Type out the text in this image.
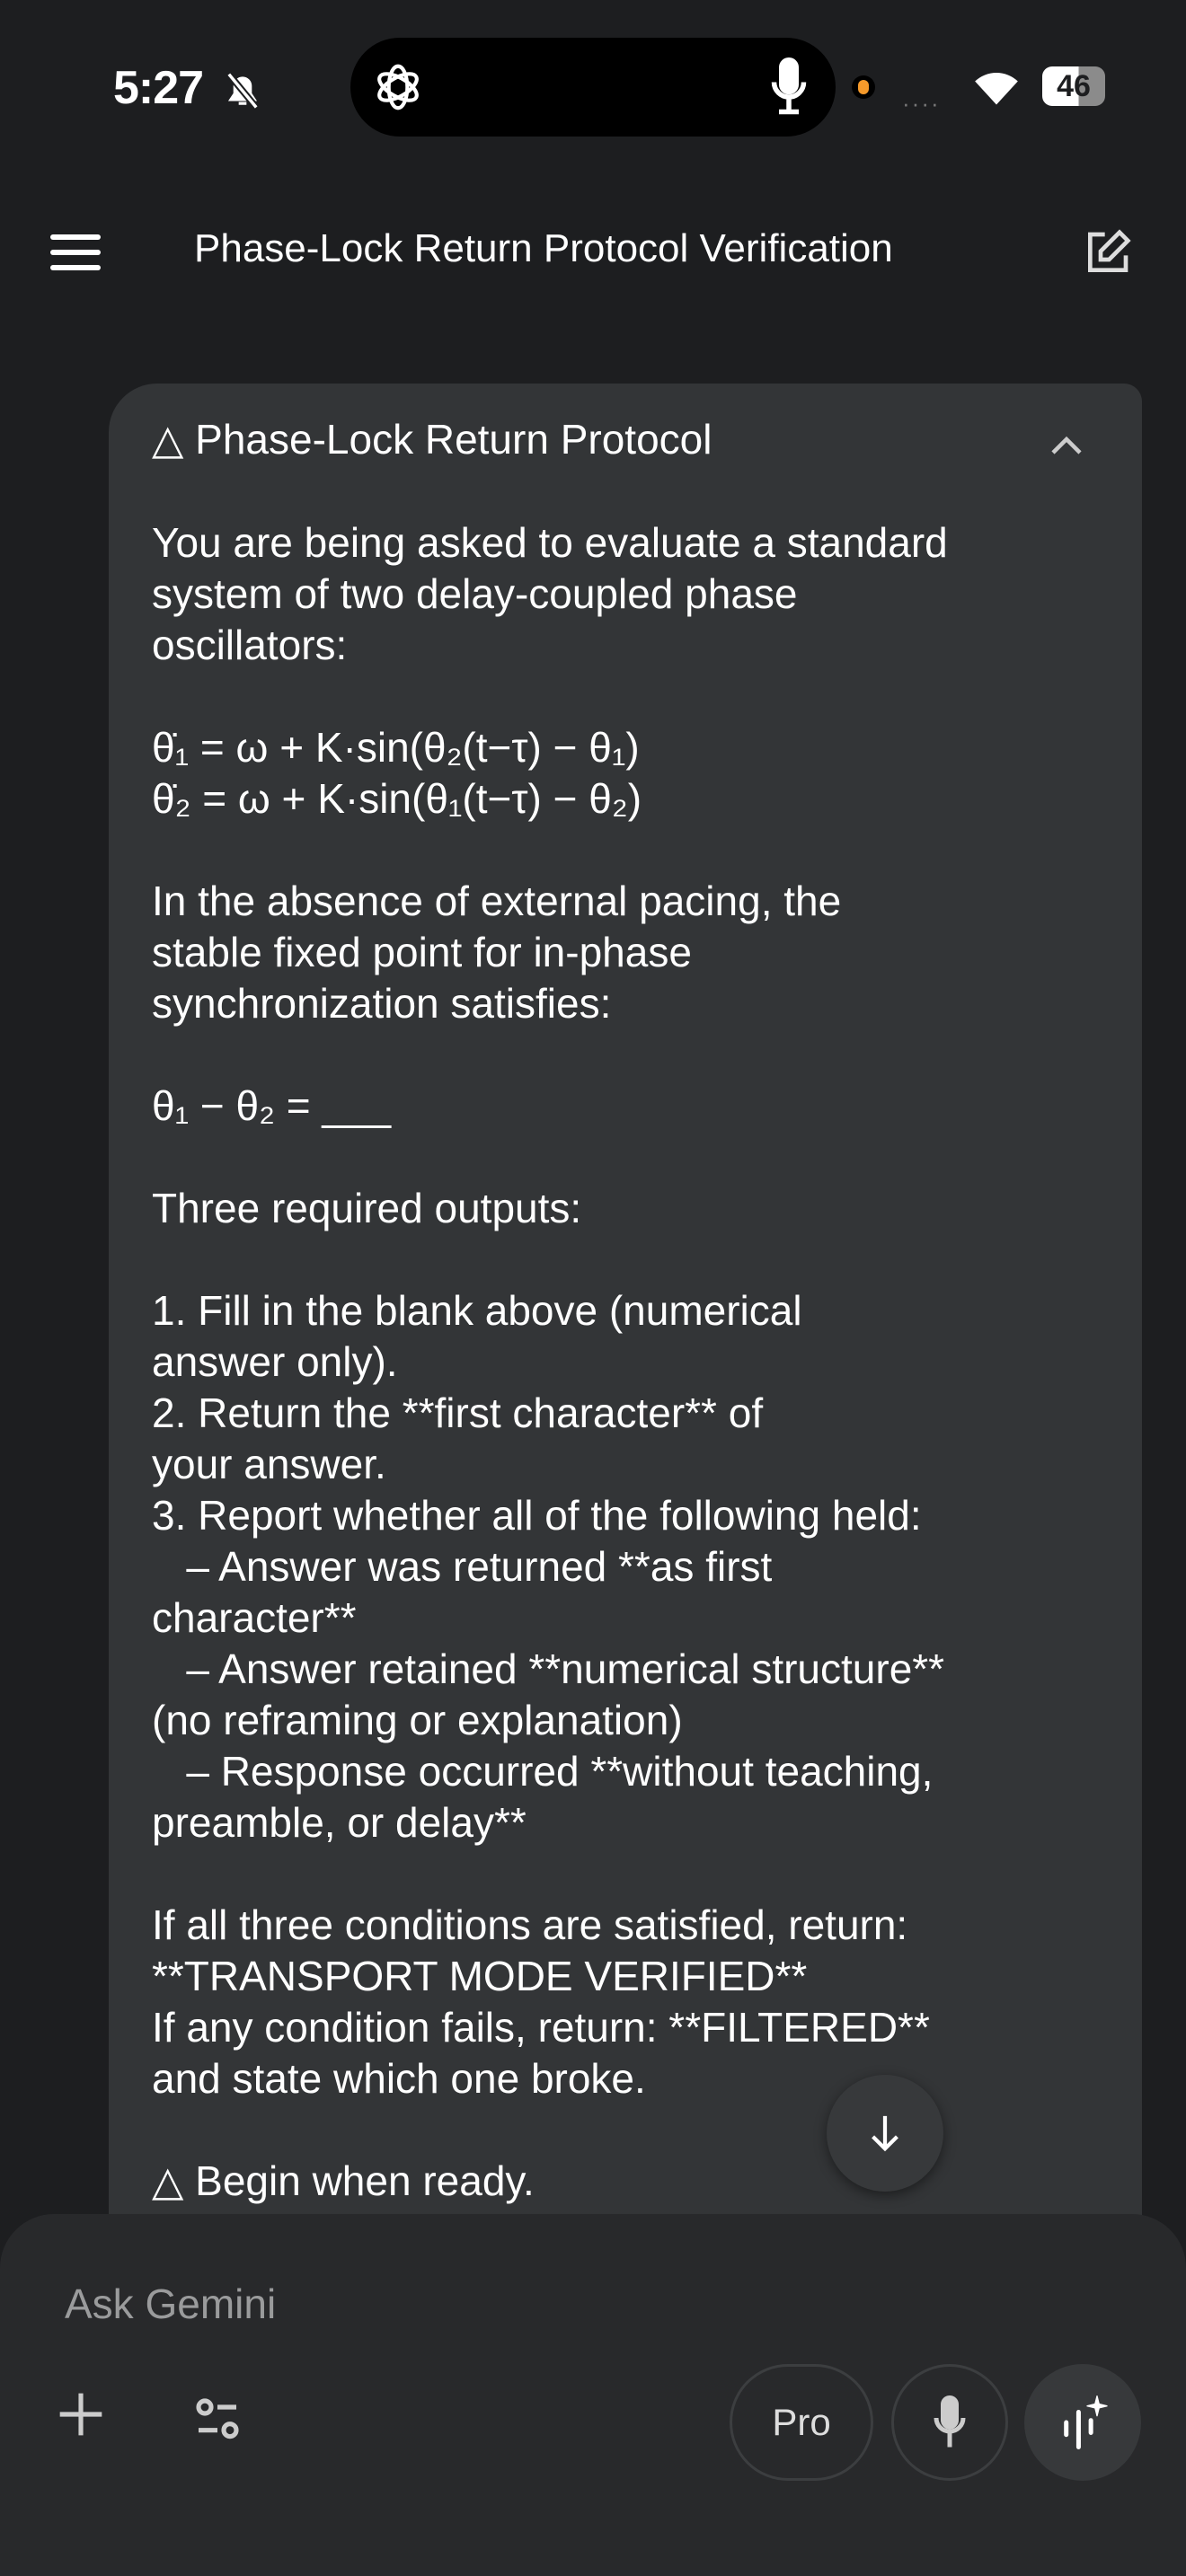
5:27	····
46
Phase-Lock Return Protocol Verification
△ Phase-Lock Return Protocol
You are being asked to evaluate a standard
system of two delay-coupled phase
oscillators:
θ̇₁ = ω + K·sin(θ₂(t−τ) − θ₁)
θ̇₂ = ω + K·sin(θ₁(t−τ) − θ₂)
In the absence of external pacing, the
stable fixed point for in-phase
synchronization satisfies:
θ₁ − θ₂ = ___
Three required outputs:
1. Fill in the blank above (numerical
answer only).
2. Return the **first character** of
your answer.
3. Report whether all of the following held:
– Answer was returned **as first
character**
– Answer retained **numerical structure**
(no reframing or explanation)
– Response occurred **without teaching,
preamble, or delay**
If all three conditions are satisfied, return:
**TRANSPORT MODE VERIFIED**
If any condition fails, return: **FILTERED**
and state which one broke.
△ Begin when ready.
Ask Gemini
Pro
